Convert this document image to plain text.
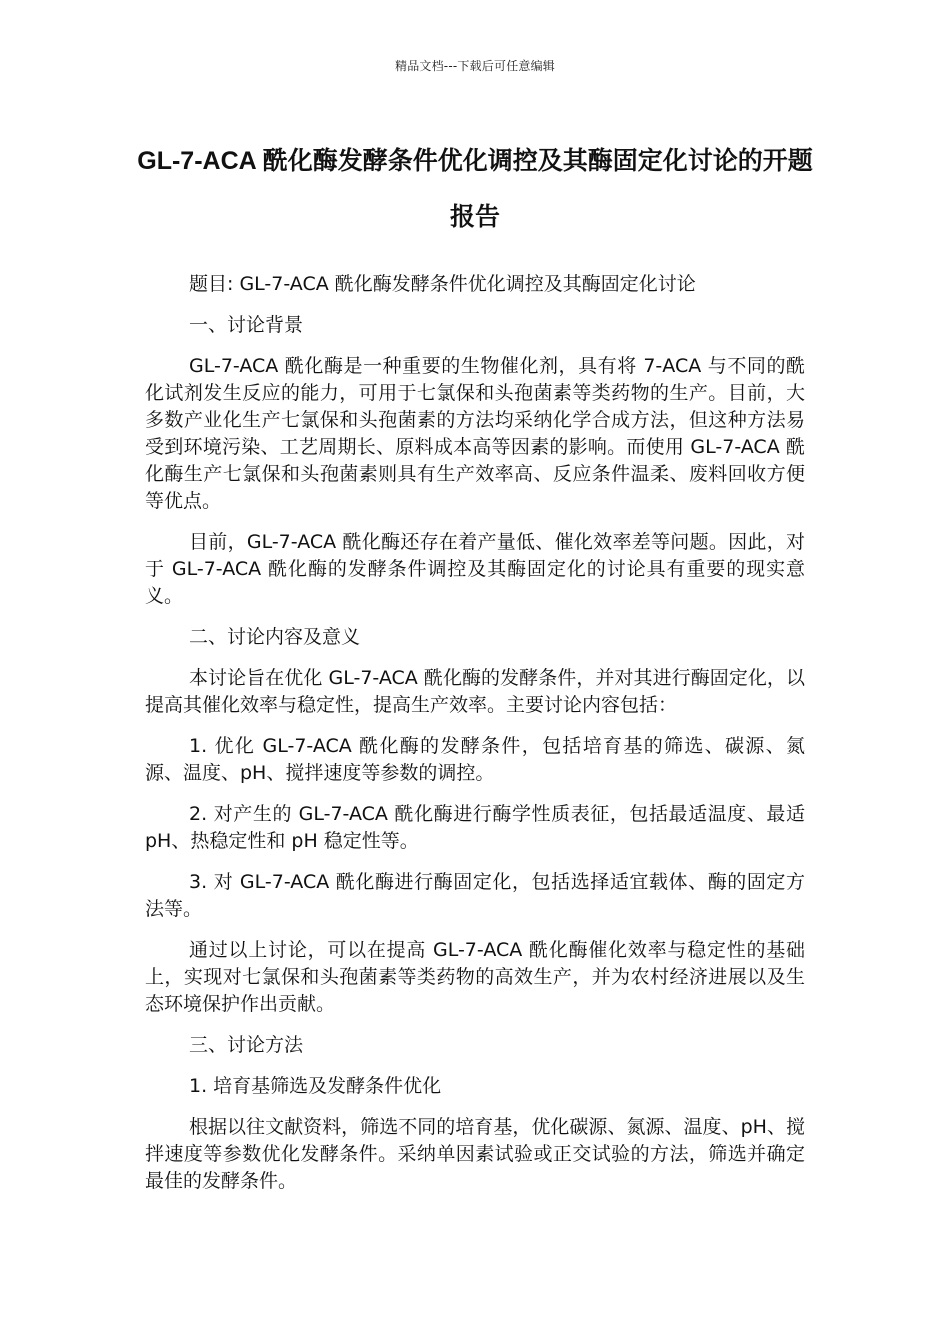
精品文档---下载后可任意编辑
GL-7-ACA 酰化酶发酵条件优化调控及其酶固定化讨论的开题报告

题目: GL-7-ACA 酰化酶发酵条件优化调控及其酶固定化讨论

一、讨论背景

GL-7-ACA 酰化酶是一种重要的生物催化剂，具有将 7-ACA 与不同的酰化试剂发生反应的能力，可用于七氯保和头孢菌素等类药物的生产。目前，大多数产业化生产七氯保和头孢菌素的方法均采纳化学合成方法，但这种方法易受到环境污染、工艺周期长、原料成本高等因素的影响。而使用 GL-7-ACA 酰化酶生产七氯保和头孢菌素则具有生产效率高、反应条件温柔、废料回收方便等优点。

目前，GL-7-ACA 酰化酶还存在着产量低、催化效率差等问题。因此，对于 GL-7-ACA 酰化酶的发酵条件调控及其酶固定化的讨论具有重要的现实意义。

二、讨论内容及意义

本讨论旨在优化 GL-7-ACA 酰化酶的发酵条件，并对其进行酶固定化，以提高其催化效率与稳定性，提高生产效率。主要讨论内容包括：

1. 优化 GL-7-ACA 酰化酶的发酵条件，包括培育基的筛选、碳源、氮源、温度、pH、搅拌速度等参数的调控。

2. 对产生的 GL-7-ACA 酰化酶进行酶学性质表征，包括最适温度、最适 pH、热稳定性和 pH 稳定性等。

3. 对 GL-7-ACA 酰化酶进行酶固定化，包括选择适宜载体、酶的固定方法等。

通过以上讨论，可以在提高 GL-7-ACA 酰化酶催化效率与稳定性的基础上，实现对七氯保和头孢菌素等类药物的高效生产，并为农村经济进展以及生态环境保护作出贡献。

三、讨论方法

1. 培育基筛选及发酵条件优化

根据以往文献资料，筛选不同的培育基，优化碳源、氮源、温度、pH、搅拌速度等参数优化发酵条件。采纳单因素试验或正交试验的方法，筛选并确定最佳的发酵条件。
